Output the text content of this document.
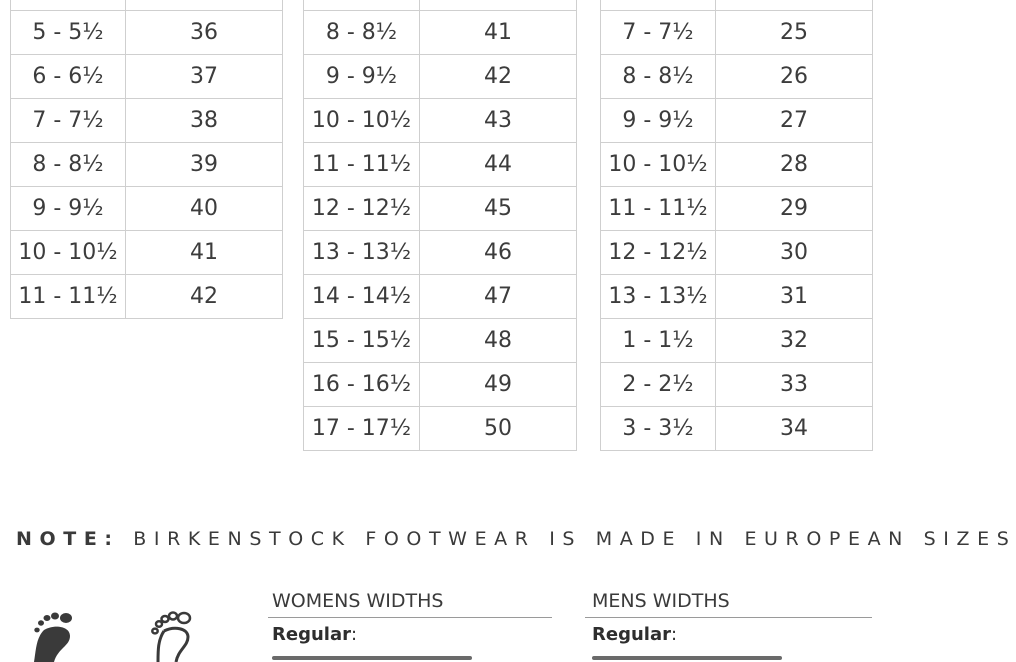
5 - 5½	36
6 - 6½	37
7 - 7½	38
8 - 8½	39
9 - 9½	40
10 - 10½	41
11 - 11½	42

8 - 8½	41
9 - 9½	42
10 - 10½	43
11 - 11½	44
12 - 12½	45
13 - 13½	46
14 - 14½	47
15 - 15½	48
16 - 16½	49
17 - 17½	50

7 - 7½	25
8 - 8½	26
9 - 9½	27
10 - 10½	28
11 - 11½	29
12 - 12½	30
13 - 13½	31
1 - 1½	32
2 - 2½	33
3 - 3½	34
NOTE: BIRKENSTOCK FOOTWEAR IS MADE IN EUROPEAN SIZES
WOMENS WIDTHS
Regular:
MENS WIDTHS
Regular:
